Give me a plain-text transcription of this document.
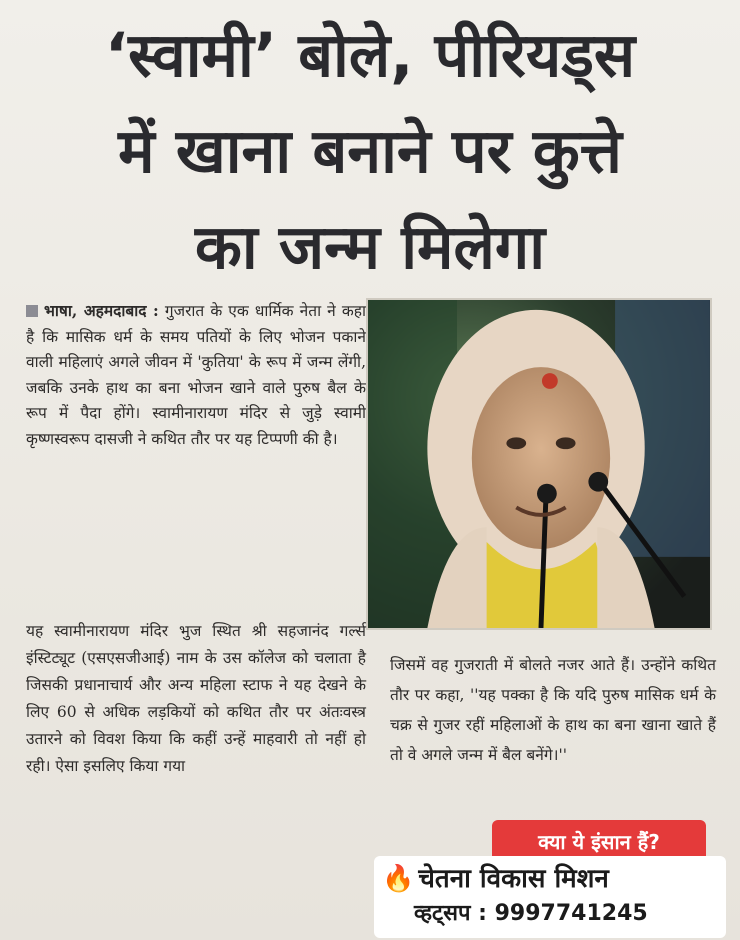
‘स्वामी’ बोले, पीरियड्स
में खाना बनाने पर कुत्ते
का जन्म मिलेगा
भाषा, अहमदाबाद : गुजरात के एक धार्मिक नेता ने कहा है कि मासिक धर्म के समय पतियों के लिए भोजन पकाने वाली महिलाएं अगले जीवन में 'कुतिया' के रूप में जन्म लेंगी, जबकि उनके हाथ का बना भोजन खाने वाले पुरुष बैल के रूप में पैदा होंगे। स्वामीनारायण मंदिर से जुड़े स्वामी कृष्णस्वरूप दासजी ने कथित तौर पर यह टिप्पणी की है।
यह स्वामीनारायण मंदिर भुज स्थित श्री सहजानंद गर्ल्स इंस्टिट्यूट (एसएसजीआई) नाम के उस कॉलेज को चलाता है जिसकी प्रधानाचार्य और अन्य महिला स्टाफ ने यह देखने के लिए 60 से अधिक लड़कियों को कथित तौर पर अंतःवस्त्र उतारने को विवश किया कि कहीं उन्हें माहवारी तो नहीं हो रही। ऐसा इसलिए किया गया
जिसमें वह गुजराती में बोलते नजर आते हैं। उन्होंने कथित तौर पर कहा, ''यह पक्का है कि यदि पुरुष मासिक धर्म के चक्र से गुजर रहीं महिलाओं के हाथ का बना खाना खाते हैं तो वे अगले जन्म में बैल बनेंगे।''
क्या ये इंसान हैं?
🔥 चेतना विकास मिशन
व्हट्सप : 9997741245
